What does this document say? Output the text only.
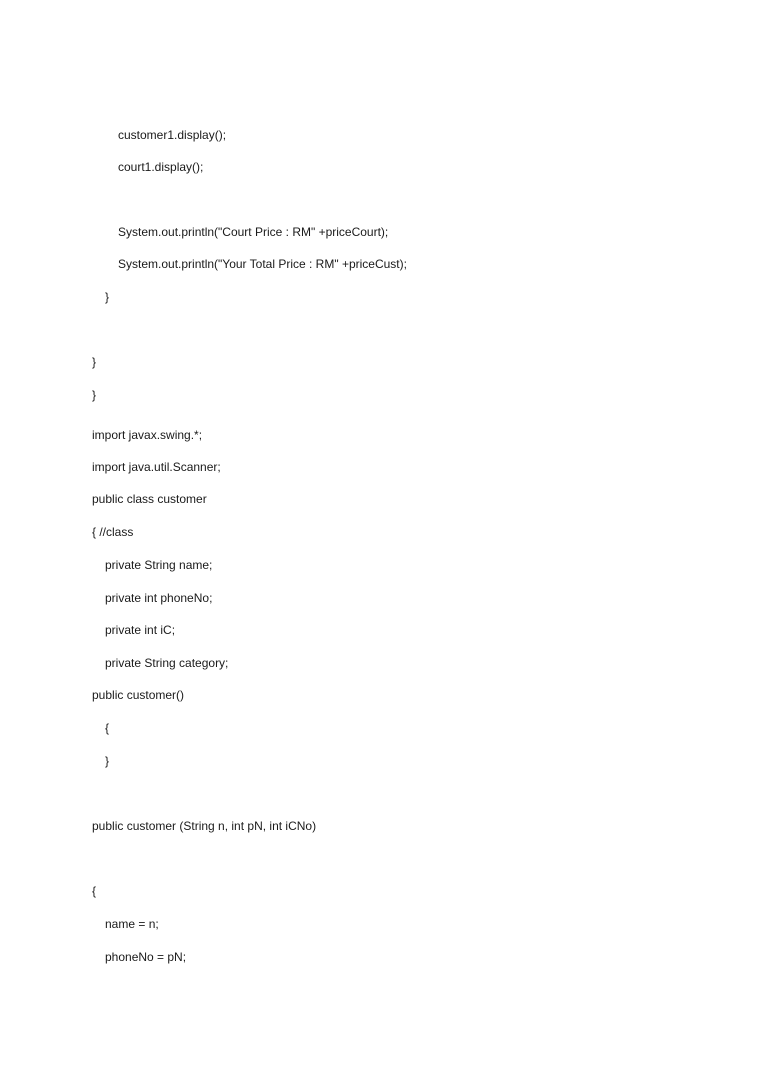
customer1.display();
court1.display();
System.out.println("Court Price : RM" +priceCourt);
System.out.println("Your Total Price : RM" +priceCust);
}
}
}
import javax.swing.*;
import java.util.Scanner;
public class customer
{ //class
private String name;
private int phoneNo;
private int iC;
private String category;
public customer()
{
}
public customer (String n, int pN, int iCNo)
{
name = n;
phoneNo = pN;
